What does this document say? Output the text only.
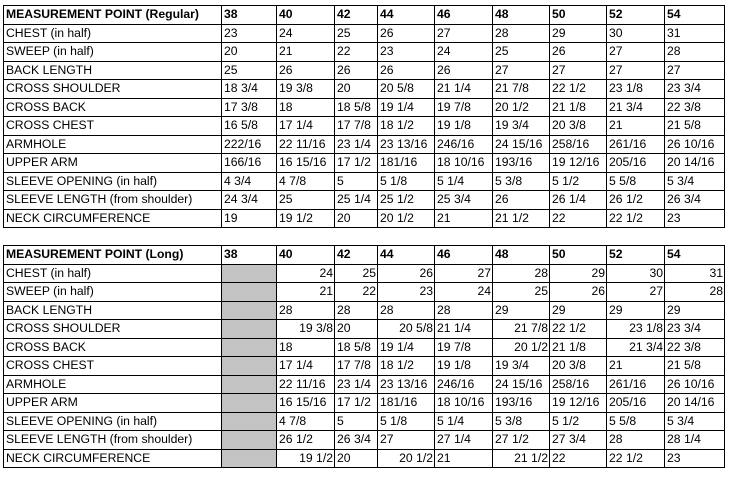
MEASUREMENT POINT (Regular)	38	40	42	44	46	48	50	52	54
CHEST (in half)	23	24	25	26	27	28	29	30	31
SWEEP (in half)	20	21	22	23	24	25	26	27	28
BACK LENGTH	25	26	26	26	26	27	27	27	27
CROSS SHOULDER	18 3/4	19 3/8	20	20 5/8	21 1/4	21 7/8	22 1/2	23 1/8	23 3/4
CROSS BACK	17 3/8	18	18 5/8	19 1/4	19 7/8	20 1/2	21 1/8	21 3/4	22 3/8
CROSS CHEST	16 5/8	17 1/4	17 7/8	18 1/2	19 1/8	19 3/4	20 3/8	21	21 5/8
ARMHOLE	222/16	22 11/16	23 1/4	23 13/16	246/16	24 15/16	258/16	261/16	26 10/16
UPPER ARM	166/16	16 15/16	17 1/2	181/16	18 10/16	193/16	19 12/16	205/16	20 14/16
SLEEVE OPENING (in half)	4 3/4	4 7/8	5	5 1/8	5 1/4	5 3/8	5 1/2	5 5/8	5 3/4
SLEEVE LENGTH (from shoulder)	24 3/4	25	25 1/4	25 1/2	25 3/4	26	26 1/4	26 1/2	26 3/4
NECK CIRCUMFERENCE	19	19 1/2	20	20 1/2	21	21 1/2	22	22 1/2	23
MEASUREMENT POINT (Long)	38	40	42	44	46	48	50	52	54
CHEST (in half)		24	25	26	27	28	29	30	31
SWEEP (in half)		21	22	23	24	25	26	27	28
BACK LENGTH		28	28	28	28	29	29	29	29
CROSS SHOULDER		19 3/8	20	20 5/8	21 1/4	21 7/8	22 1/2	23 1/8	23 3/4
CROSS BACK		18	18 5/8	19 1/4	19 7/8	20 1/2	21 1/8	21 3/4	22 3/8
CROSS CHEST		17 1/4	17 7/8	18 1/2	19 1/8	19 3/4	20 3/8	21	21 5/8
ARMHOLE		22 11/16	23 1/4	23 13/16	246/16	24 15/16	258/16	261/16	26 10/16
UPPER ARM		16 15/16	17 1/2	181/16	18 10/16	193/16	19 12/16	205/16	20 14/16
SLEEVE OPENING (in half)		4 7/8	5	5 1/8	5 1/4	5 3/8	5 1/2	5 5/8	5 3/4
SLEEVE LENGTH (from shoulder)		26 1/2	26 3/4	27	27 1/4	27 1/2	27 3/4	28	28 1/4
NECK CIRCUMFERENCE		19 1/2	20	20 1/2	21	21 1/2	22	22 1/2	23
